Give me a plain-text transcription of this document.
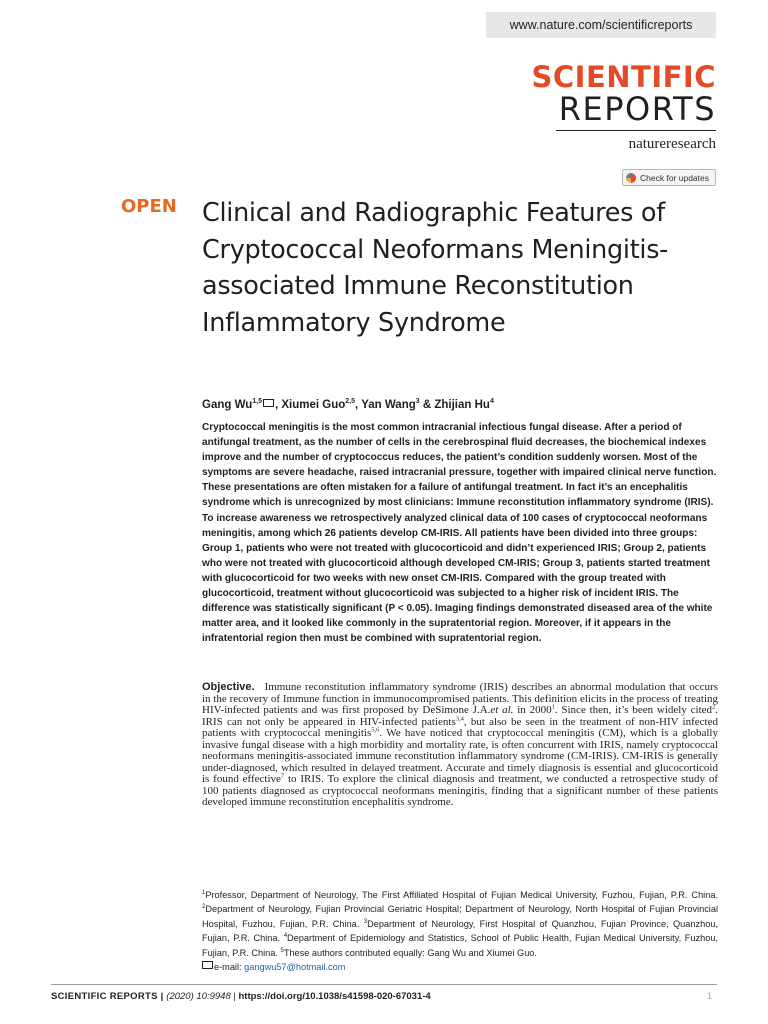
www.nature.com/scientificreports
SCIENTIFIC
REPORTS
natureresearch
Check for updates
OPEN Clinical and Radiographic Features of Cryptococcal Neoformans Meningitis-associated Immune Reconstitution Inflammatory Syndrome
Gang Wu$^{1,5}$ , Xiumei Guo$^{2,5}$, Yan Wang$^3$ & Zhijian Hu$^4$

Cryptococcal meningitis is the most common intracranial infectious fungal disease. After a period of antifungal treatment, as the number of cells in the cerebrospinal fluid decreases, the biochemical indexes improve and the number of cryptococcus reduces, the patient’s condition suddenly worsen. Most of the symptoms are severe headache, raised intracranial pressure, together with impaired clinical nerve function. These presentations are often mistaken for a failure of antifungal treatment. In fact it’s an encephalitis syndrome which is unrecognized by most clinicians: Immune reconstitution inflammatory syndrome (IRIS). To increase awareness we retrospectively analyzed clinical data of 100 cases of cryptococcal neoformans meningitis, among which 26 patients develop CM-IRIS. All patients have been divided into three groups: Group 1, patients who were not treated with glucocorticoid and didn’t experienced IRIS; Group 2, patients who were not treated with glucocorticoid although developed CM-IRIS; Group 3, patients started treatment with glucocorticoid for two weeks with new onset CM-IRIS. Compared with the group treated with glucocorticoid, treatment without glucocorticoid was subjected to a higher risk of incident IRIS. The difference was statistically significant (P < 0.05). Imaging findings demonstrated diseased area of the white matter area, and it looked like commonly in the supratentorial region. Moreover, if it appears in the infratentorial region then must be combined with supratentorial region.

Objective. Immune reconstitution inflammatory syndrome (IRIS) describes an abnormal modulation that occurs in the recovery of Immune function in immunocompromised patients. This definition elicits in the process of treating HIV-infected patients and was first proposed by DeSimone J.A.et al. in 2000$^1$. Since then, it’s been widely cited$^2$. IRIS can not only be appeared in HIV-infected patients$^{3,4}$, but also be seen in the treatment of non-HIV infected patients with cryptococcal meningitis$^{5,6}$. We have noticed that cryptococcal meningitis (CM), which is a globally invasive fungal disease with a high morbidity and mortality rate, is often concurrent with IRIS, namely cryptococcal neoformans meningitis-associated immune reconstitution inflammatory syndrome (CM-IRIS). CM-IRIS is generally under-diagnosed, which resulted in delayed treatment. Accurate and timely diagnosis is essential and glucocorticoid is found effective$^7$ to IRIS. To explore the clinical diagnosis and treatment, we conducted a retrospective study of 100 patients diagnosed as cryptococcal neoformans meningitis, finding that a significant number of these patients developed immune reconstitution encephalitis syndrome.

$^1$Professor, Department of Neurology, The First Affiliated Hospital of Fujian Medical University, Fuzhou, Fujian, P.R. China. $^2$Department of Neurology, Fujian Provincial Geriatric Hospital; Department of Neurology, North Hospital of Fujian Provincial Hospital, Fuzhou, Fujian, P.R. China. $^3$Department of Neurology, First Hospital of Quanzhou, Fujian Province, Quanzhou, Fujian, P.R. China. $^4$Department of Epidemiology and Statistics, School of Public Health, Fujian Medical University, Fuzhou, Fujian, P.R. China. $^5$These authors contributed equally: Gang Wu and Xiumei Guo.
e-mail: gangwu57@hotmail.com

SCIENTIFIC REPORTS | (2020) 10:9948 | https://doi.org/10.1038/s41598-020-67031-4	1
